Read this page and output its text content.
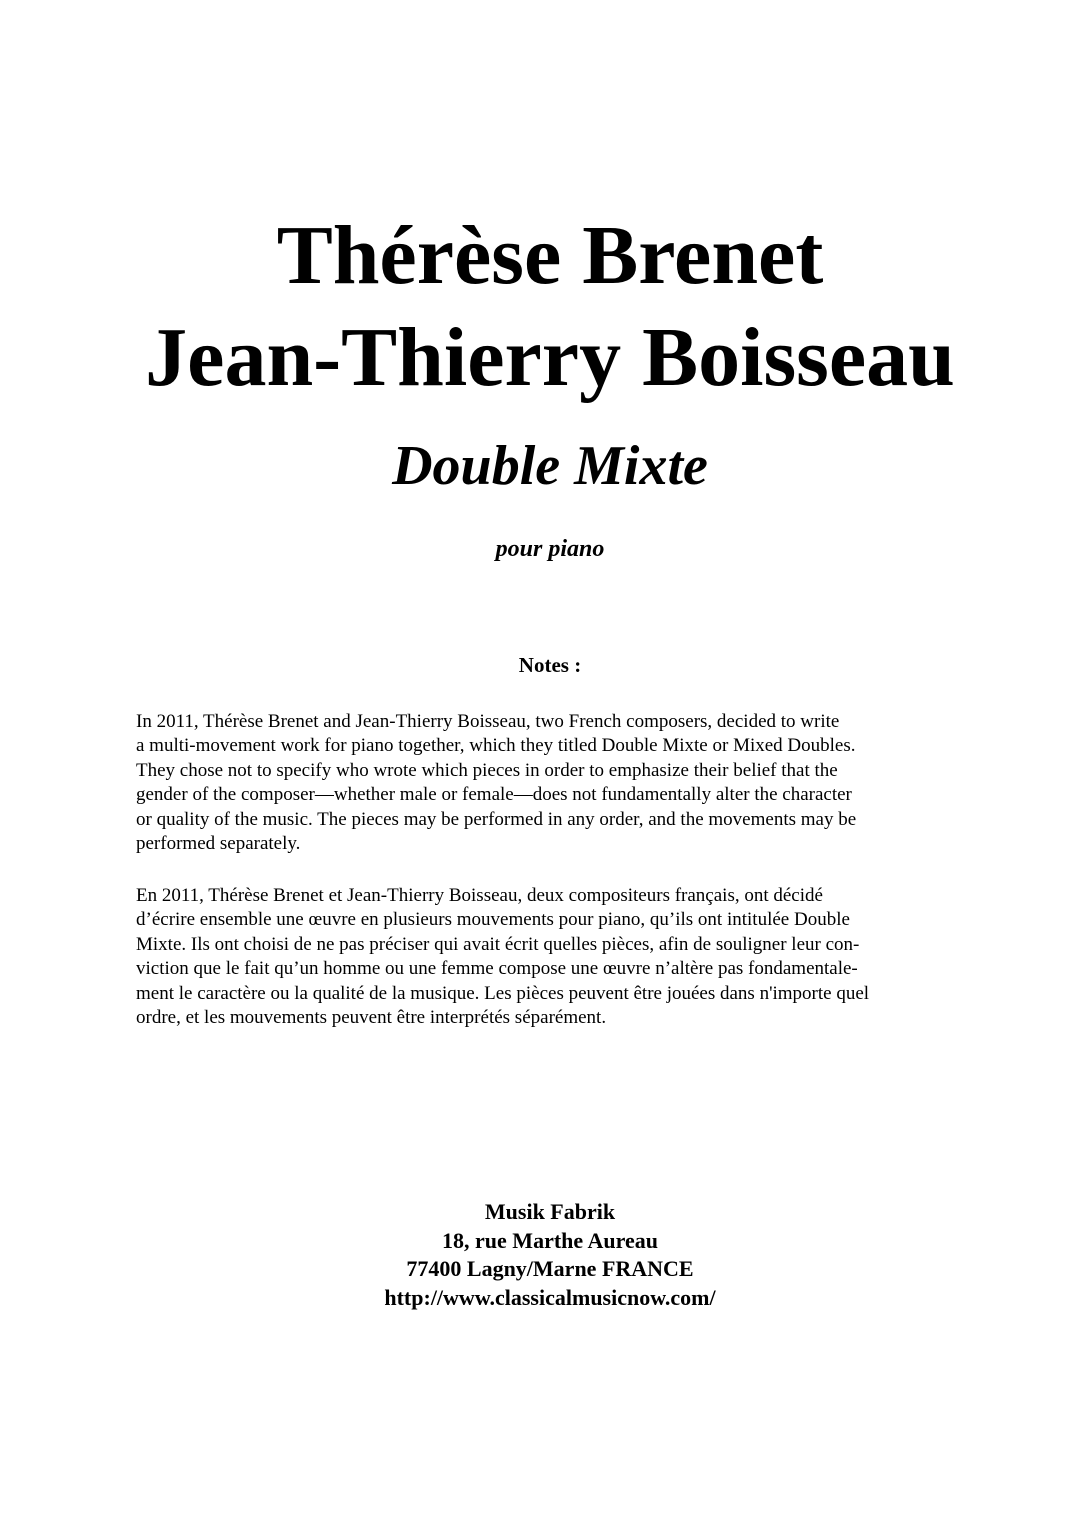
Thérèse Brenet
Jean-Thierry Boisseau
Double Mixte
pour piano
Notes :

In 2011, Thérèse Brenet and Jean-Thierry Boisseau, two French composers, decided to write
a multi-movement work for piano together, which they titled Double Mixte or Mixed Doubles.
They chose not to specify who wrote which pieces in order to emphasize their belief that the
gender of the composer—whether male or female—does not fundamentally alter the character
or quality of the music. The pieces may be performed in any order, and the movements may be
performed separately.

En 2011, Thérèse Brenet et Jean-Thierry Boisseau, deux compositeurs français, ont décidé
d’écrire ensemble une œuvre en plusieurs mouvements pour piano, qu’ils ont intitulée Double
Mixte. Ils ont choisi de ne pas préciser qui avait écrit quelles pièces, afin de souligner leur con-
viction que le fait qu’un homme ou une femme compose une œuvre n’altère pas fondamentale-
ment le caractère ou la qualité de la musique. Les pièces peuvent être jouées dans n'importe quel
ordre, et les mouvements peuvent être interprétés séparément.

Musik Fabrik
18, rue Marthe Aureau
77400 Lagny/Marne FRANCE
http://www.classicalmusicnow.com/
